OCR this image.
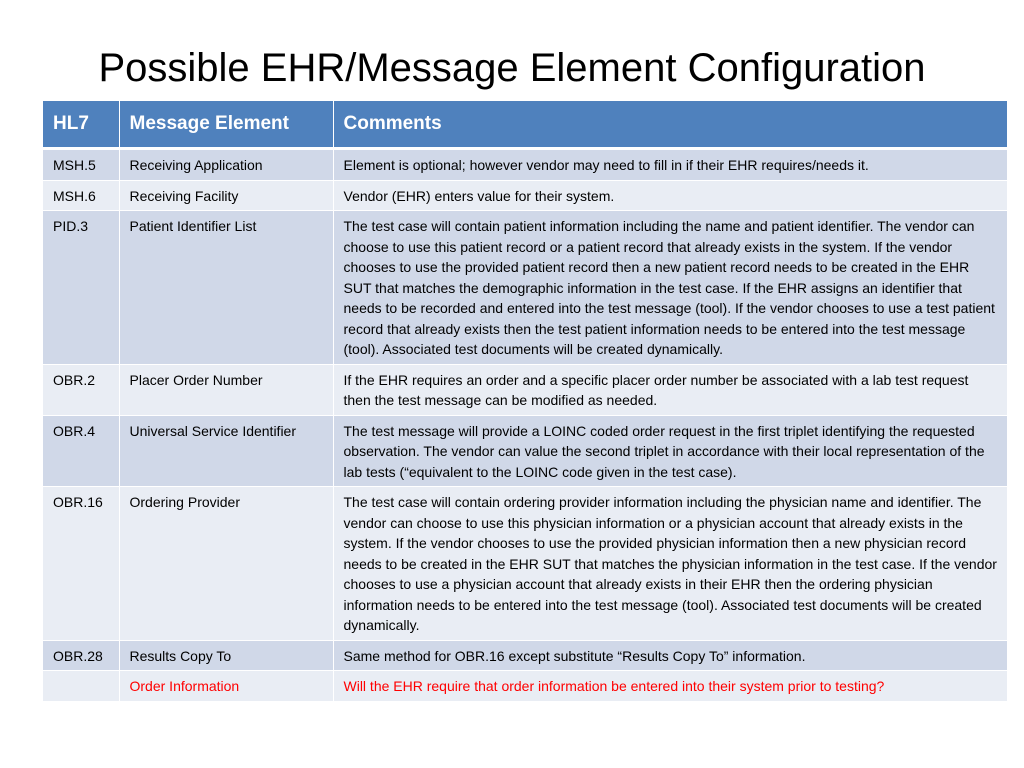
Possible EHR/Message Element Configuration
HL7	Message Element	Comments
MSH.5	Receiving Application	Element is optional; however vendor may need to fill in if their EHR requires/needs it.
MSH.6	Receiving Facility	Vendor (EHR) enters value for their system.
PID.3	Patient Identifier List	The test case will contain patient information including the name and patient identifier. The vendor can choose to use this patient record or a patient record that already exists in the system. If the vendor chooses to use the provided patient record then a new patient record needs to be created in the EHR SUT that matches the demographic information in the test case. If the EHR assigns an identifier that needs to be recorded and entered into the test message (tool). If the vendor chooses to use a test patient record that already exists then the test patient information needs to be entered into the test message (tool). Associated test documents will be created dynamically.
OBR.2	Placer Order Number	If the EHR requires an order and a specific placer order number be associated with a lab test request then the test message can be modified as needed.
OBR.4	Universal Service Identifier	The test message will provide a LOINC coded order request in the first triplet identifying the requested observation. The vendor can value the second triplet in accordance with their local representation of the lab tests (“equivalent to the LOINC code given in the test case).
OBR.16	Ordering Provider	The test case will contain ordering provider information including the physician name and identifier. The vendor can choose to use this physician information or a physician account that already exists in the system. If the vendor chooses to use the provided physician information then a new physician record needs to be created in the EHR SUT that matches the physician information in the test case. If the vendor chooses to use a physician account that already exists in their EHR then the ordering physician information needs to be entered into the test message (tool). Associated test documents will be created dynamically.
OBR.28	Results Copy To	Same method for OBR.16 except substitute “Results Copy To” information.
	Order Information	Will the EHR require that order information be entered into their system prior to testing?
